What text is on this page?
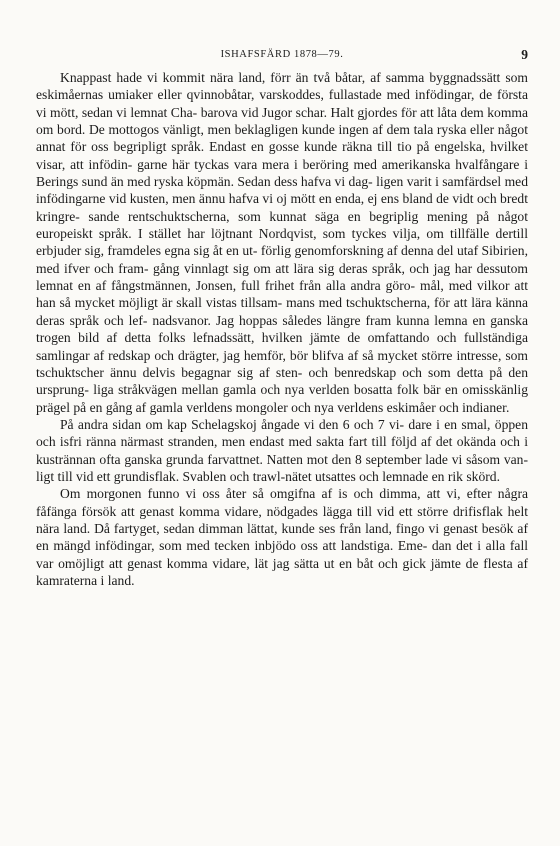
ISHAFSFÄRD 1878—79.	9

Knappast hade vi kommit nära land, förr än två båtar, af samma byggnadssätt som eskimåernas umiaker eller qvinnobåtar, varskoddes, fullastade med infödingar, de första vi mött, sedan vi lemnat Cha- barova vid Jugor schar. Halt gjordes för att låta dem komma om bord. De mottogos vänligt, men beklagligen kunde ingen af dem tala ryska eller något annat för oss begripligt språk. Endast en gosse kunde räkna till tio på engelska, hvilket visar, att infödin- garne här tyckas vara mera i beröring med amerikanska hvalfångare i Berings sund än med ryska köpmän. Sedan dess hafva vi dag- ligen varit i samfärdsel med infödingarne vid kusten, men ännu hafva vi oj mött en enda, ej ens bland de vidt och bredt kringre- sande rentschuktscherna, som kunnat säga en begriplig mening på något europeiskt språk. I stället har löjtnant Nordqvist, som tyckes vilja, om tillfälle dertill erbjuder sig, framdeles egna sig åt en ut- förlig genomforskning af denna del utaf Sibirien, med ifver och fram- gång vinnlagt sig om att lära sig deras språk, och jag har dessutom lemnat en af fångstmännen, Jonsen, full frihet från alla andra göro- mål, med vilkor att han så mycket möjligt är skall vistas tillsam- mans med tschuktscherna, för att lära känna deras språk och lef- nadsvanor. Jag hoppas således längre fram kunna lemna en ganska trogen bild af detta folks lefnadssätt, hvilken jämte de omfattando och fullständiga samlingar af redskap och drägter, jag hemför, bör blifva af så mycket större intresse, som tschuktscher ännu delvis begagnar sig af sten- och benredskap och som detta på den ursprung- liga stråkvägen mellan gamla och nya verlden bosatta folk bär en omisskänlig prägel på en gång af gamla verldens mongoler och nya verldens eskimåer och indianer.

På andra sidan om kap Schelagskoj ångade vi den 6 och 7 vi- dare i en smal, öppen och isfri ränna närmast stranden, men endast med sakta fart till följd af det okända och i kustrännan ofta ganska grunda farvattnet. Natten mot den 8 september lade vi såsom van- ligt till vid ett grundisflak. Svablen och trawl-nätet utsattes och lemnade en rik skörd.

Om morgonen funno vi oss åter så omgifna af is och dimma, att vi, efter några fåfänga försök att genast komma vidare, nödgades lägga till vid ett större drifisflak helt nära land. Då fartyget, sedan dimman lättat, kunde ses från land, fingo vi genast besök af en mängd infödingar, som med tecken inbjödo oss att landstiga. Eme- dan det i alla fall var omöjligt att genast komma vidare, lät jag sätta ut en båt och gick jämte de flesta af kamraterna i land.
